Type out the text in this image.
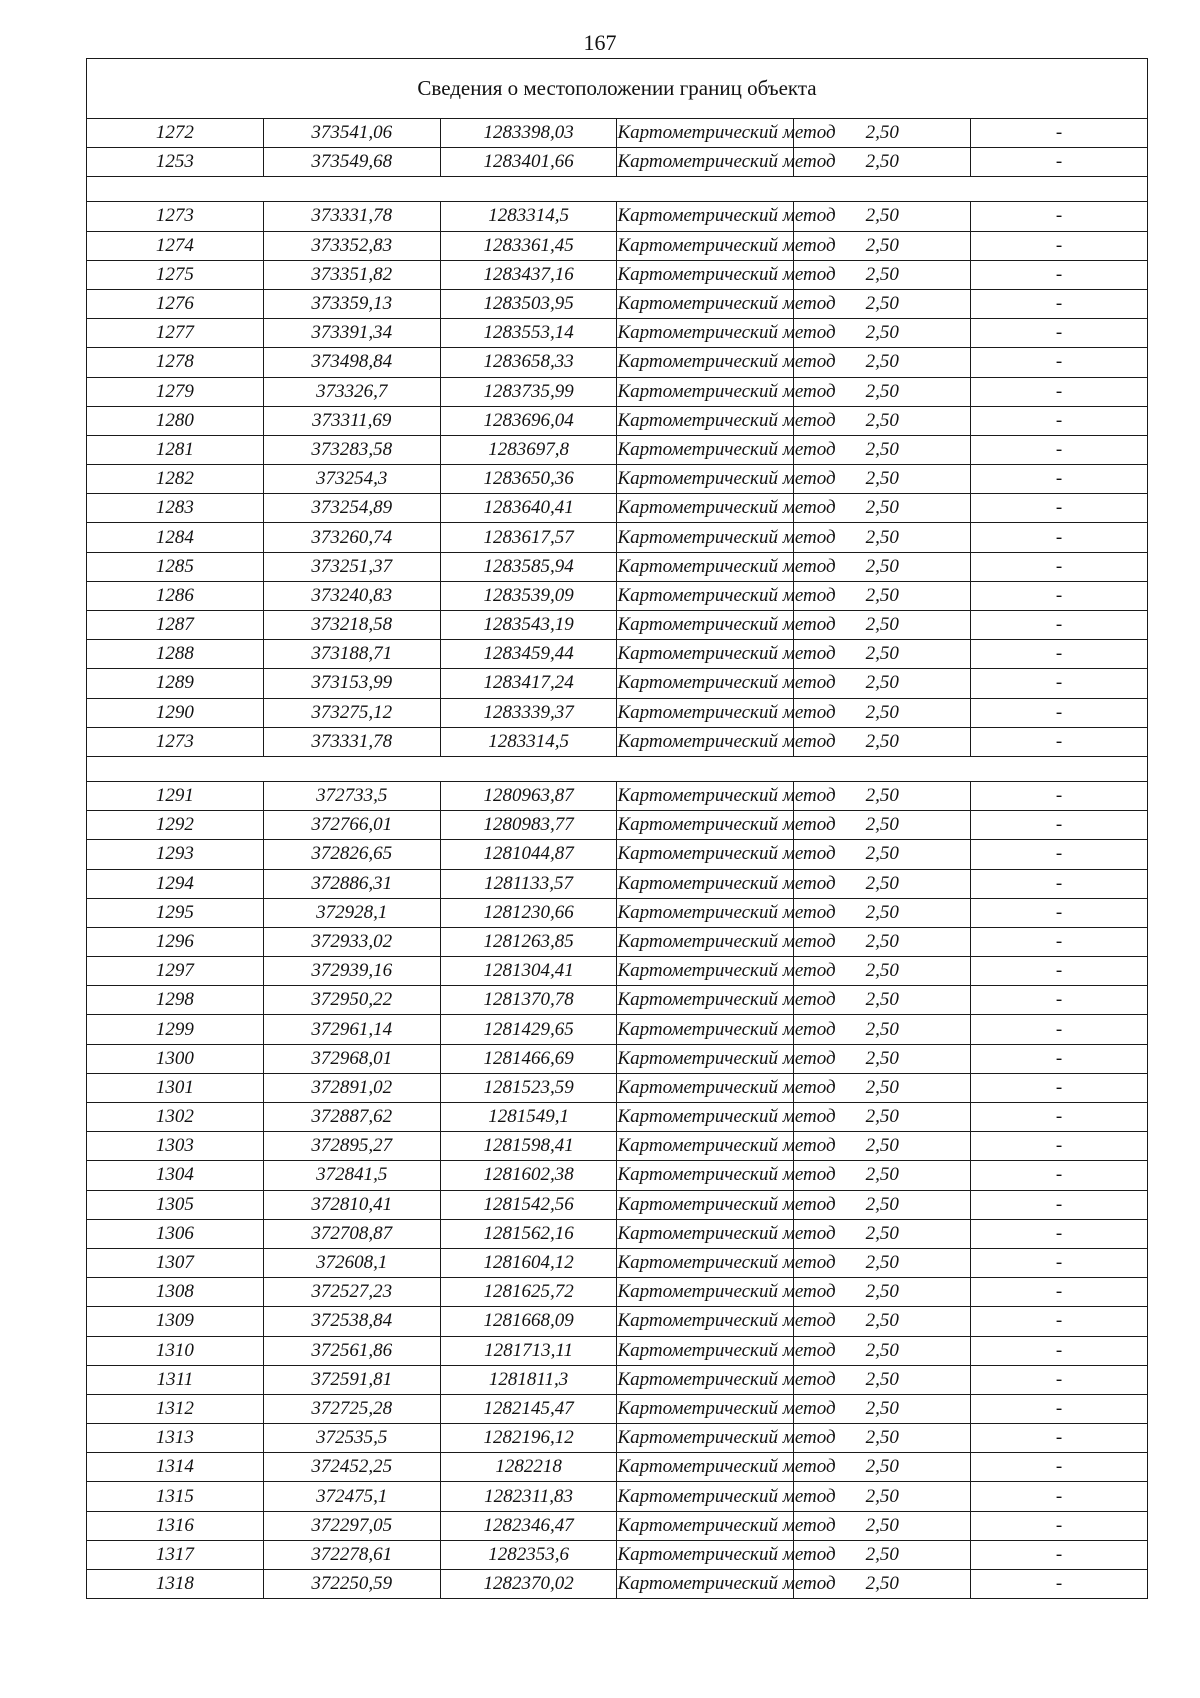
167
Сведения о местоположении границ объекта					
1272	373541,06	1283398,03	Картометрический метод	2,50	-
1253	373549,68	1283401,66	Картометрический метод	2,50	-

1273	373331,78	1283314,5	Картометрический метод	2,50	-
1274	373352,83	1283361,45	Картометрический метод	2,50	-
1275	373351,82	1283437,16	Картометрический метод	2,50	-
1276	373359,13	1283503,95	Картометрический метод	2,50	-
1277	373391,34	1283553,14	Картометрический метод	2,50	-
1278	373498,84	1283658,33	Картометрический метод	2,50	-
1279	373326,7	1283735,99	Картометрический метод	2,50	-
1280	373311,69	1283696,04	Картометрический метод	2,50	-
1281	373283,58	1283697,8	Картометрический метод	2,50	-
1282	373254,3	1283650,36	Картометрический метод	2,50	-
1283	373254,89	1283640,41	Картометрический метод	2,50	-
1284	373260,74	1283617,57	Картометрический метод	2,50	-
1285	373251,37	1283585,94	Картометрический метод	2,50	-
1286	373240,83	1283539,09	Картометрический метод	2,50	-
1287	373218,58	1283543,19	Картометрический метод	2,50	-
1288	373188,71	1283459,44	Картометрический метод	2,50	-
1289	373153,99	1283417,24	Картометрический метод	2,50	-
1290	373275,12	1283339,37	Картометрический метод	2,50	-
1273	373331,78	1283314,5	Картометрический метод	2,50	-

1291	372733,5	1280963,87	Картометрический метод	2,50	-
1292	372766,01	1280983,77	Картометрический метод	2,50	-
1293	372826,65	1281044,87	Картометрический метод	2,50	-
1294	372886,31	1281133,57	Картометрический метод	2,50	-
1295	372928,1	1281230,66	Картометрический метод	2,50	-
1296	372933,02	1281263,85	Картометрический метод	2,50	-
1297	372939,16	1281304,41	Картометрический метод	2,50	-
1298	372950,22	1281370,78	Картометрический метод	2,50	-
1299	372961,14	1281429,65	Картометрический метод	2,50	-
1300	372968,01	1281466,69	Картометрический метод	2,50	-
1301	372891,02	1281523,59	Картометрический метод	2,50	-
1302	372887,62	1281549,1	Картометрический метод	2,50	-
1303	372895,27	1281598,41	Картометрический метод	2,50	-
1304	372841,5	1281602,38	Картометрический метод	2,50	-
1305	372810,41	1281542,56	Картометрический метод	2,50	-
1306	372708,87	1281562,16	Картометрический метод	2,50	-
1307	372608,1	1281604,12	Картометрический метод	2,50	-
1308	372527,23	1281625,72	Картометрический метод	2,50	-
1309	372538,84	1281668,09	Картометрический метод	2,50	-
1310	372561,86	1281713,11	Картометрический метод	2,50	-
1311	372591,81	1281811,3	Картометрический метод	2,50	-
1312	372725,28	1282145,47	Картометрический метод	2,50	-
1313	372535,5	1282196,12	Картометрический метод	2,50	-
1314	372452,25	1282218	Картометрический метод	2,50	-
1315	372475,1	1282311,83	Картометрический метод	2,50	-
1316	372297,05	1282346,47	Картометрический метод	2,50	-
1317	372278,61	1282353,6	Картометрический метод	2,50	-
1318	372250,59	1282370,02	Картометрический метод	2,50	-
